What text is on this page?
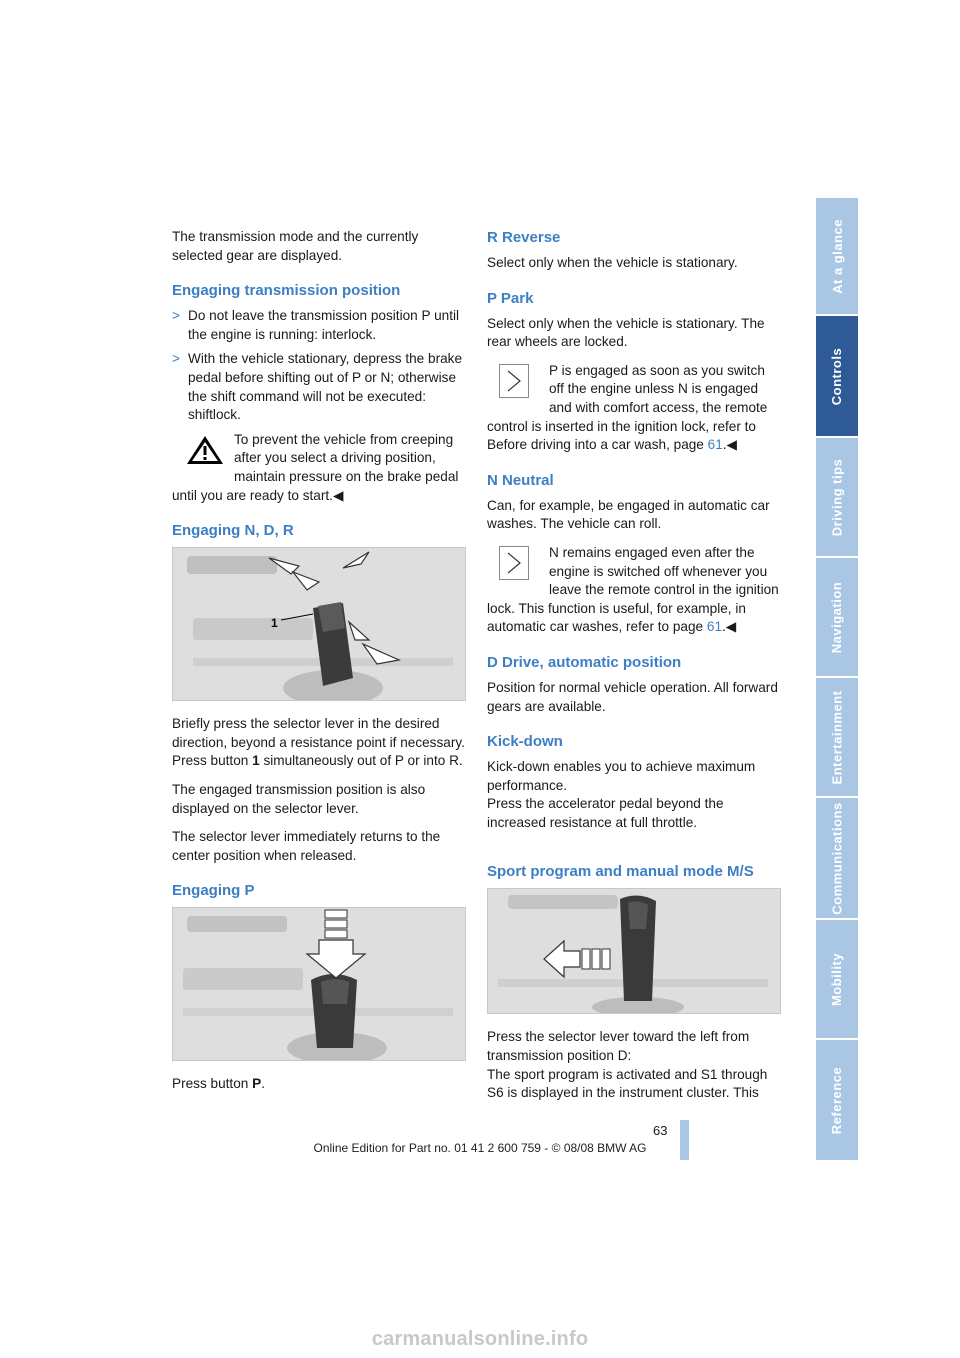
The transmission mode and the currently selected gear are displayed.

Engaging transmission position
> Do not leave the transmission position P until the engine is running: interlock.
> With the vehicle stationary, depress the brake pedal before shifting out of P or N; otherwise the shift command will not be executed: shiftlock.
To prevent the vehicle from creeping after you select a driving position, maintain pressure on the brake pedal until you are ready to start.◀
Engaging N, D, R
1

Briefly press the selector lever in the desired direction, beyond a resistance point if necessary. Press button 1 simultaneously out of P or into R.

The engaged transmission position is also displayed on the selector lever.

The selector lever immediately returns to the center position when released.

Engaging P

Press button P.

R Reverse

Select only when the vehicle is stationary.

P Park

Select only when the vehicle is stationary. The rear wheels are locked.

P is engaged as soon as you switch off the engine unless N is engaged and with comfort access, the remote control is inserted in the ignition lock, refer to Before driving into a car wash, page 61.◀
N Neutral

Can, for example, be engaged in automatic car washes. The vehicle can roll.

N remains engaged even after the engine is switched off whenever you leave the remote control in the ignition lock. This function is useful, for example, in automatic car washes, refer to page 61.◀
D Drive, automatic position

Position for normal vehicle operation. All forward gears are available.

Kick-down

Kick-down enables you to achieve maximum performance.

Press the accelerator pedal beyond the increased resistance at full throttle.

Sport program and manual mode M/S

Press the selector lever toward the left from transmission position D:

The sport program is activated and S1 through S6 is displayed in the instrument cluster. This

At a glance
Controls
Driving tips
Navigation
Entertainment
Communications
Mobility
Reference
63
Online Edition for Part no. 01 41 2 600 759 - © 08/08 BMW AG
carmanualsonline.info
